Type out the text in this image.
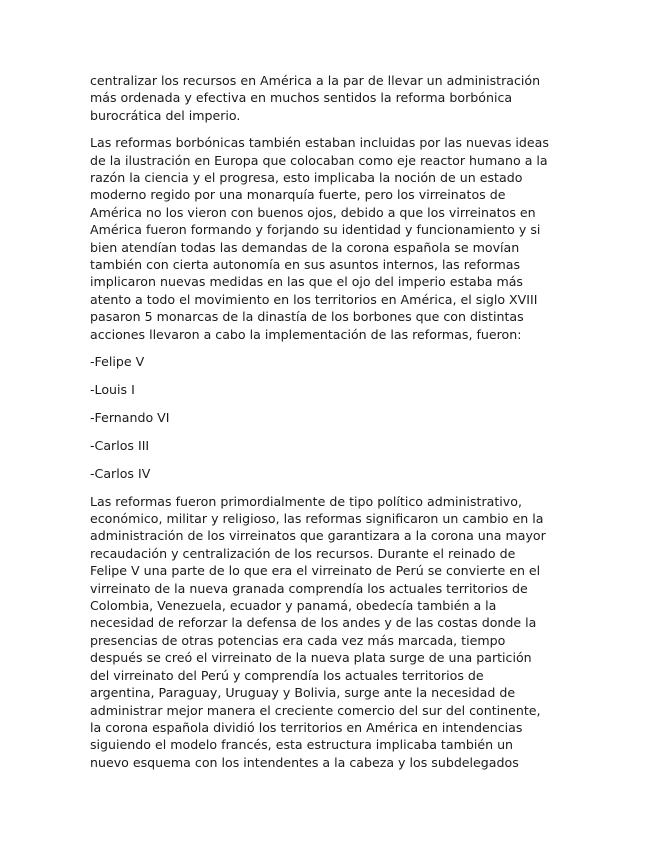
centralizar los recursos en América a la par de llevar un administración
más ordenada y efectiva en muchos sentidos la reforma borbónica
burocrática del imperio.
Las reformas borbónicas también estaban incluidas por las nuevas ideas
de la ilustración en Europa que colocaban como eje reactor humano a la
razón la ciencia y el progresa, esto implicaba la noción de un estado
moderno regido por una monarquía fuerte, pero los virreinatos de
América no los vieron con buenos ojos, debido a que los virreinatos en
América fueron formando y forjando su identidad y funcionamiento y si
bien atendían todas las demandas de la corona española se movían
también con cierta autonomía en sus asuntos internos, las reformas
implicaron nuevas medidas en las que el ojo del imperio estaba más
atento a todo el movimiento en los territorios en América, el siglo XVIII
pasaron 5 monarcas de la dinastía de los borbones que con distintas
acciones llevaron a cabo la implementación de las reformas, fueron:
-Felipe V
-Louis I
-Fernando VI
-Carlos III
-Carlos IV
Las reformas fueron primordialmente de tipo político administrativo,
económico, militar y religioso, las reformas significaron un cambio en la
administración de los virreinatos que garantizara a la corona una mayor
recaudación y centralización de los recursos. Durante el reinado de
Felipe V una parte de lo que era el virreinato de Perú se convierte en el
virreinato de la nueva granada comprendía los actuales territorios de
Colombia, Venezuela, ecuador y panamá, obedecía también a la
necesidad de reforzar la defensa de los andes y de las costas donde la
presencias de otras potencias era cada vez más marcada, tiempo
después se creó el virreinato de la nueva plata surge de una partición
del virreinato del Perú y comprendía los actuales territorios de
argentina, Paraguay, Uruguay y Bolivia, surge ante la necesidad de
administrar mejor manera el creciente comercio del sur del continente,
la corona española dividió los territorios en América en intendencias
siguiendo el modelo francés, esta estructura implicaba también un
nuevo esquema con los intendentes a la cabeza y los subdelegados
